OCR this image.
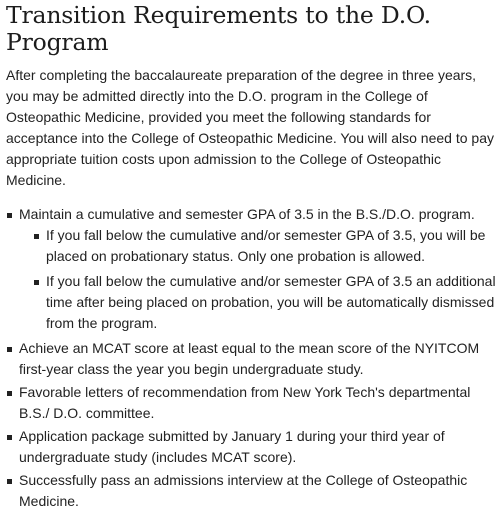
Transition Requirements to the D.O. Program

After completing the baccalaureate preparation of the degree in three years, you may be admitted directly into the D.O. program in the College of Osteopathic Medicine, provided you meet the following standards for acceptance into the College of Osteopathic Medicine. You will also need to pay appropriate tuition costs upon admission to the College of Osteopathic Medicine.

Maintain a cumulative and semester GPA of 3.5 in the B.S./D.O. program.
If you fall below the cumulative and/or semester GPA of 3.5, you will be placed on probationary status. Only one probation is allowed.
If you fall below the cumulative and/or semester GPA of 3.5 an additional time after being placed on probation, you will be automatically dismissed from the program.
Achieve an MCAT score at least equal to the mean score of the NYITCOM first-year class the year you begin undergraduate study.
Favorable letters of recommendation from New York Tech's departmental B.S./ D.O. committee.
Application package submitted by January 1 during your third year of undergraduate study (includes MCAT score).
Successfully pass an admissions interview at the College of Osteopathic Medicine.
